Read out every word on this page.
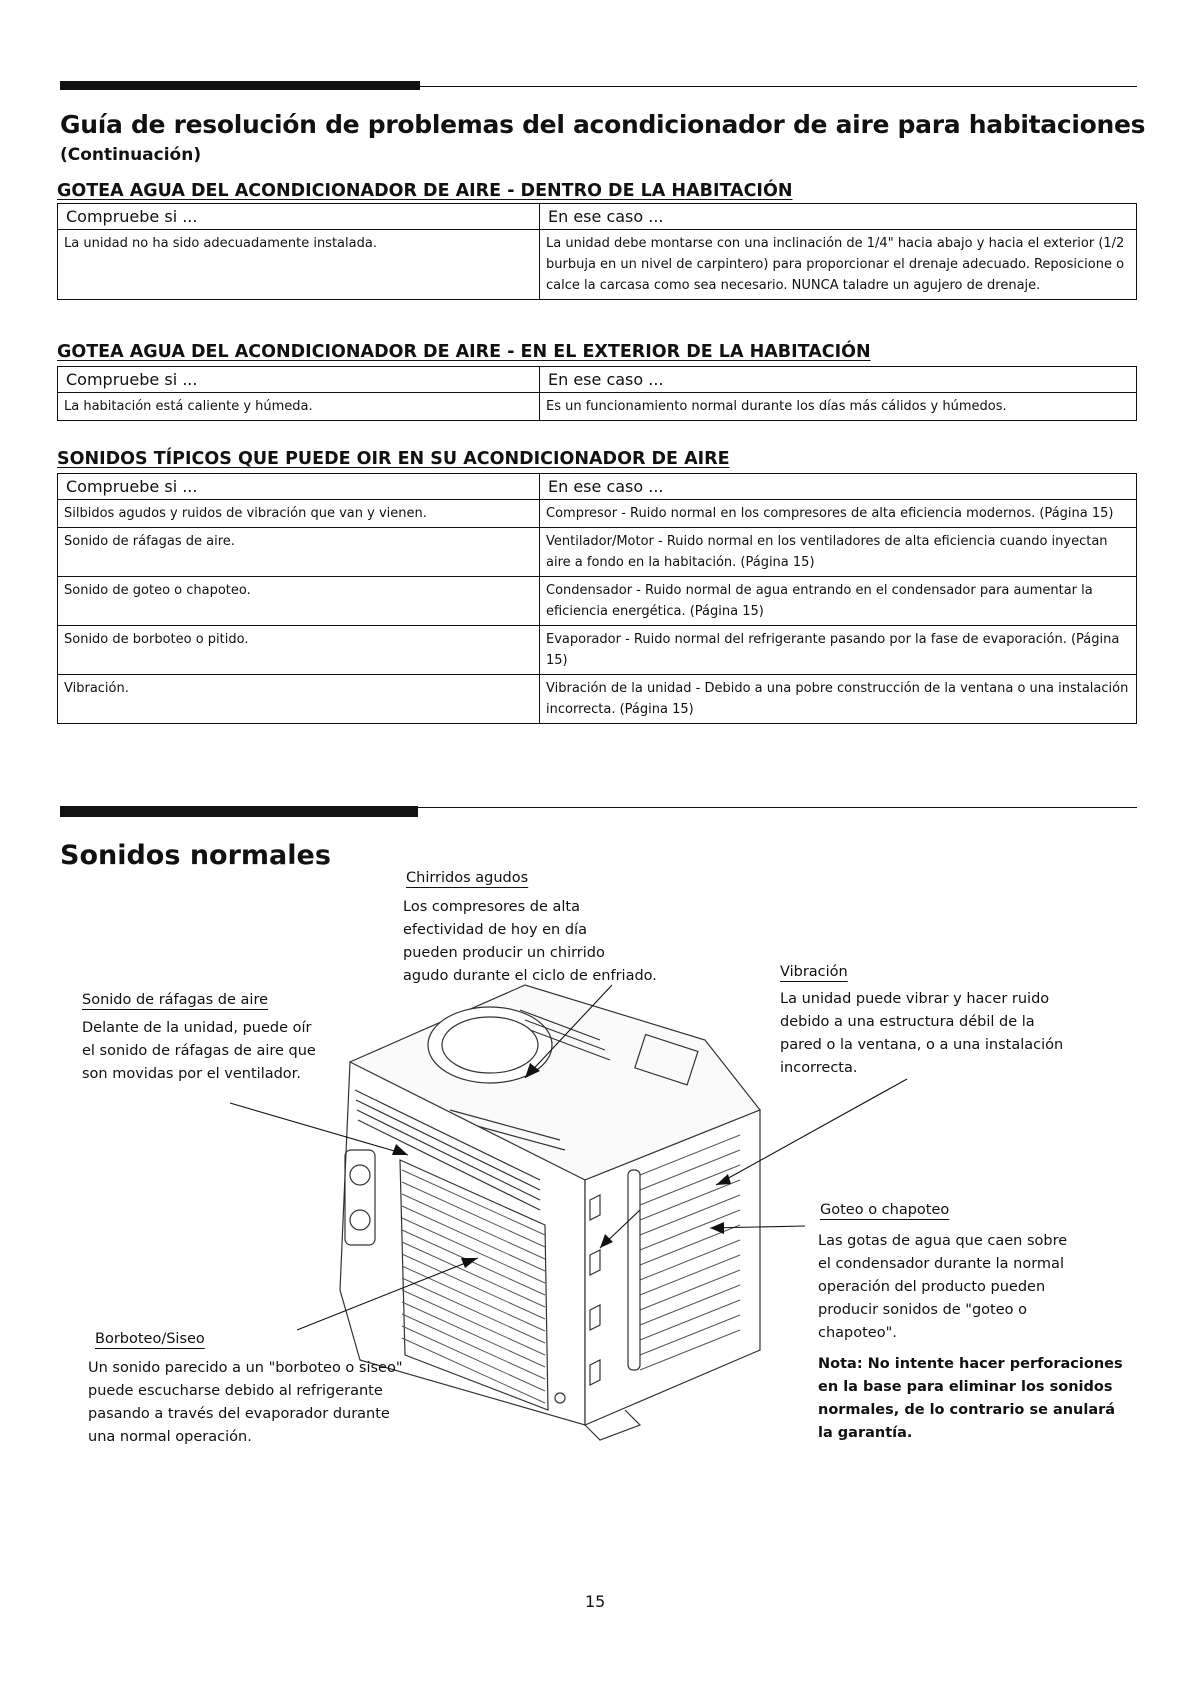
Guía de resolución de problemas del acondicionador de aire para habitaciones
(Continuación)
GOTEA AGUA DEL ACONDICIONADOR DE AIRE - DENTRO DE LA HABITACIÓN
Compruebe si ...	En ese caso ...
La unidad no ha sido adecuadamente instalada.	La unidad debe montarse con una inclinación de 1/4" hacia abajo y hacia el exterior (1/2 burbuja en un nivel de carpintero) para proporcionar el drenaje adecuado. Reposicione o calce la carcasa como sea necesario. NUNCA taladre un agujero de drenaje.
GOTEA AGUA DEL ACONDICIONADOR DE AIRE - EN EL EXTERIOR DE LA HABITACIÓN
Compruebe si ...	En ese caso ...
La habitación está caliente y húmeda.	Es un funcionamiento normal durante los días más cálidos y húmedos.
SONIDOS TÍPICOS QUE PUEDE OIR EN SU ACONDICIONADOR DE AIRE
Compruebe si ...	En ese caso ...
Silbidos agudos y ruidos de vibración que van y vienen.	Compresor - Ruido normal en los compresores de alta eficiencia modernos. (Página 15)
Sonido de ráfagas de aire.	Ventilador/Motor - Ruido normal en los ventiladores de alta eficiencia cuando inyectan aire a fondo en la habitación. (Página 15)
Sonido de goteo o chapoteo.	Condensador - Ruido normal de agua entrando en el condensador para aumentar la eficiencia energética. (Página 15)
Sonido de borboteo o pitido.	Evaporador - Ruido normal del refrigerante pasando por la fase de evaporación. (Página 15)
Vibración.	Vibración de la unidad - Debido a una pobre construcción de la ventana o una instalación incorrecta. (Página 15)
Sonidos normales
Chirridos agudos
Los compresores de alta
efectividad de hoy en día
pueden producir un chirrido
agudo durante el ciclo de enfriado.
Sonido de ráfagas de aire
Delante de la unidad, puede oír
el sonido de ráfagas de aire que
son movidas por el ventilador.
Vibración
La unidad puede vibrar y hacer ruido
debido a una estructura débil de la
pared o la ventana, o a una instalación
incorrecta.
Goteo o chapoteo
Las gotas de agua que caen sobre
el condensador durante la normal
operación del producto pueden
producir sonidos de "goteo o
chapoteo".
Nota: No intente hacer perforaciones
en la base para eliminar los sonidos
normales, de lo contrario se anulará
la garantía.
Borboteo/Siseo
Un sonido parecido a un "borboteo o siseo"
puede escucharse debido al refrigerante
pasando a través del evaporador durante
una normal operación.
15
